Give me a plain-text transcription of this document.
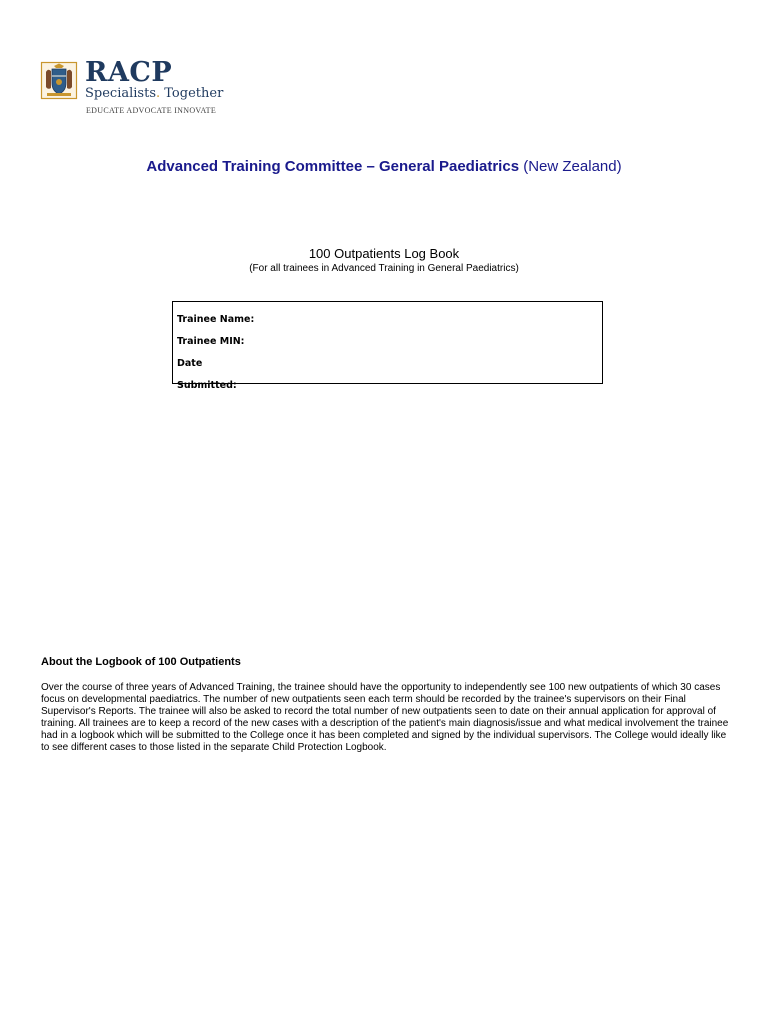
RACP
Specialists. Together
EDUCATE ADVOCATE INNOVATE
Advanced Training Committee – General Paediatrics (New Zealand)
100 Outpatients Log Book
(For all trainees in Advanced Training in General Paediatrics)
Trainee Name:
Trainee MIN:
Date
Submitted:
About the Logbook of 100 Outpatients
Over the course of three years of Advanced Training, the trainee should have the opportunity to independently see 100 new outpatients of which 30 cases focus on developmental paediatrics. The number of new outpatients seen each term should be recorded by the trainee's supervisors on their Final Supervisor's Reports. The trainee will also be asked to record the total number of new outpatients seen to date on their annual application for approval of training. All trainees are to keep a record of the new cases with a description of the patient's main diagnosis/issue and what medical involvement the trainee had in a logbook which will be submitted to the College once it has been completed and signed by the individual supervisors. The College would ideally like to see different cases to those listed in the separate Child Protection Logbook.
